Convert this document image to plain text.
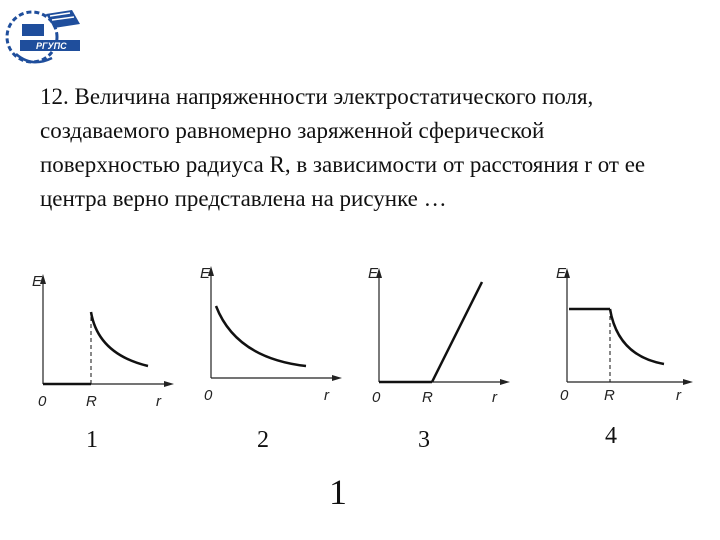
РГУПС

12. Величина напряженности электростатического поля, создаваемого равномерно заряженной сферической поверхностью радиуса R, в зависимости от расстояния r от ее центра верно представлена на рисунке …

E
r
0	R
1
E
r
0
2
E
r
0	R
3
E
r
0 R
4
1
